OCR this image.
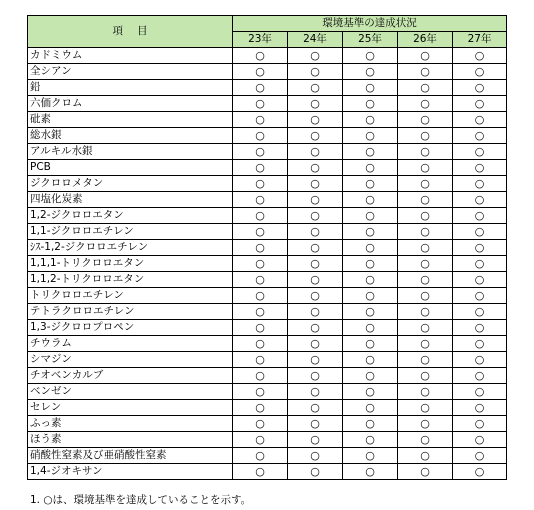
項目	環境基準の達成状況				
	23年	24年	25年	26年	27年
カドミウム	○	○	○	○	○
全シアン	○	○	○	○	○
鉛	○	○	○	○	○
六価クロム	○	○	○	○	○
砒素	○	○	○	○	○
総水銀	○	○	○	○	○
アルキル水銀	○	○	○	○	○
PCB	○	○	○	○	○
ジクロロメタン	○	○	○	○	○
四塩化炭素	○	○	○	○	○
1,2-ジクロロエタン	○	○	○	○	○
1,1-ジクロロエチレン	○	○	○	○	○
ｼｽ-1,2-ジクロロエチレン	○	○	○	○	○
1,1,1-トリクロロエタン	○	○	○	○	○
1,1,2-トリクロロエタン	○	○	○	○	○
トリクロロエチレン	○	○	○	○	○
テトラクロロエチレン	○	○	○	○	○
1,3-ジクロロプロペン	○	○	○	○	○
チウラム	○	○	○	○	○
シマジン	○	○	○	○	○
チオベンカルブ	○	○	○	○	○
ベンゼン	○	○	○	○	○
セレン	○	○	○	○	○
ふっ素	○	○	○	○	○
ほう素	○	○	○	○	○
硝酸性窒素及び亜硝酸性窒素	○	○	○	○	○
1,4-ジオキサン	○	○	○	○	○
1. ○は、環境基準を達成していることを示す。
